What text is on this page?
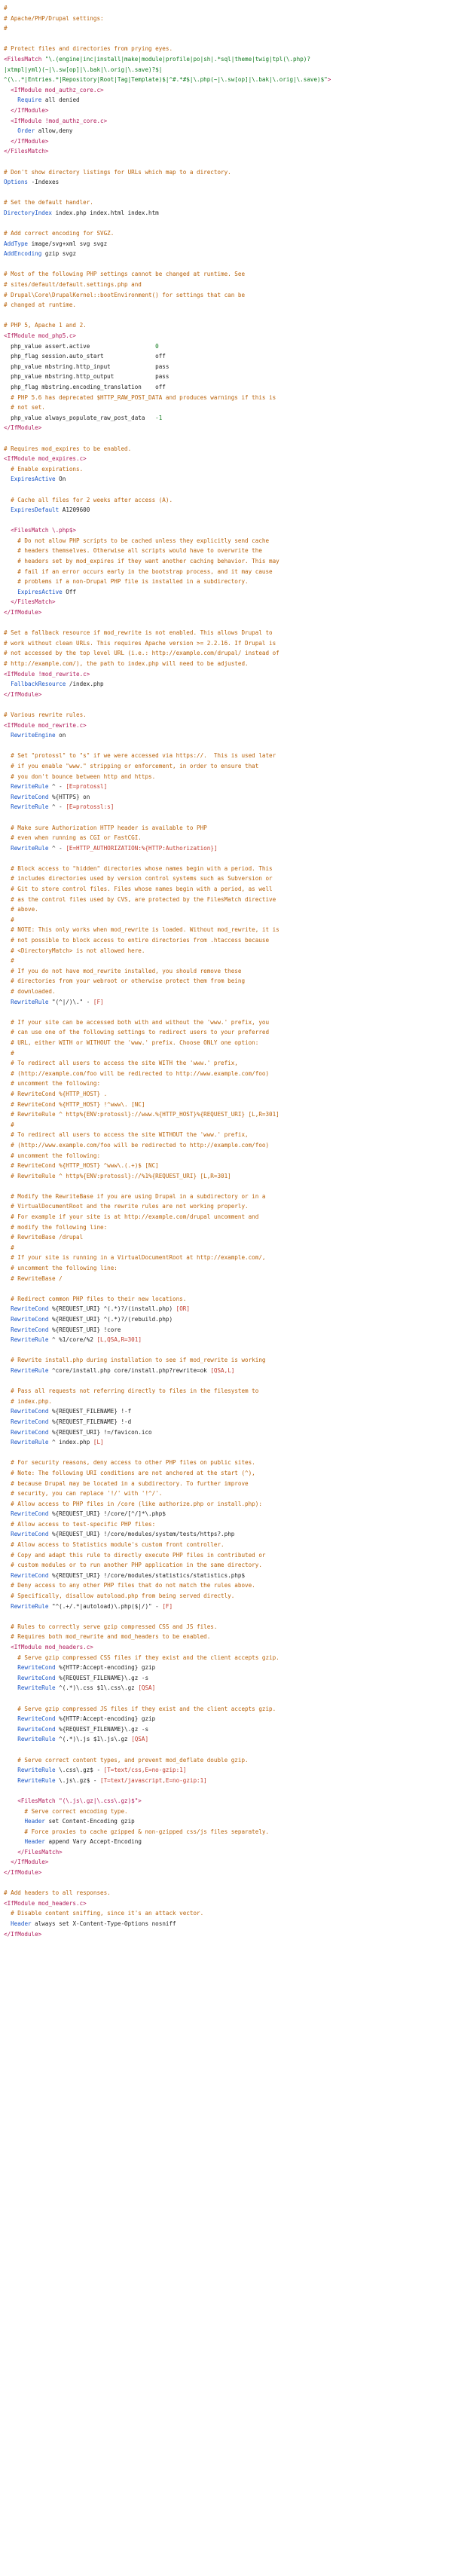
#
# Apache/PHP/Drupal settings:
#

# Protect files and directories from prying eyes.
<FilesMatch "\.(engine|inc|install|make|module|profile|po|sh|.*sql|theme|twig|tpl(\.php)?
|xtmpl|yml)(~|\.sw[op]|\.bak|\.orig|\.save)?$|
^(\..*|Entries.*|Repository|Root|Tag|Template)$|^#.*#$|\.php(~|\.sw[op]|\.bak|\.orig|\.save)$">
<IfModule mod_authz_core.c>
Require all denied
</IfModule>
<IfModule !mod_authz_core.c>
Order allow,deny
</IfModule>
</FilesMatch>

# Don't show directory listings for URLs which map to a directory.
Options -Indexes

# Set the default handler.
DirectoryIndex index.php index.html index.htm

# Add correct encoding for SVGZ.
AddType image/svg+xml svg svgz
AddEncoding gzip svgz

# Most of the following PHP settings cannot be changed at runtime. See
# sites/default/default.settings.php and
# Drupal\Core\DrupalKernel::bootEnvironment() for settings that can be
# changed at runtime.

# PHP 5, Apache 1 and 2.
<IfModule mod_php5.c>
php_value assert.active                   0
php_flag session.auto_start               off
php_value mbstring.http_input             pass
php_value mbstring.http_output            pass
php_flag mbstring.encoding_translation    off
# PHP 5.6 has deprecated $HTTP_RAW_POST_DATA and produces warnings if this is
# not set.
php_value always_populate_raw_post_data   -1
</IfModule>

# Requires mod_expires to be enabled.
<IfModule mod_expires.c>
# Enable expirations.
ExpiresActive On

# Cache all files for 2 weeks after access (A).
ExpiresDefault A1209600

<FilesMatch \.php$>
# Do not allow PHP scripts to be cached unless they explicitly send cache
# headers themselves. Otherwise all scripts would have to overwrite the
# headers set by mod_expires if they want another caching behavior. This may
# fail if an error occurs early in the bootstrap process, and it may cause
# problems if a non-Drupal PHP file is installed in a subdirectory.
ExpiresActive Off
</FilesMatch>
</IfModule>

# Set a fallback resource if mod_rewrite is not enabled. This allows Drupal to
# work without clean URLs. This requires Apache version >= 2.2.16. If Drupal is
# not accessed by the top level URL (i.e.: http://example.com/drupal/ instead of
# http://example.com/), the path to index.php will need to be adjusted.
<IfModule !mod_rewrite.c>
FallbackResource /index.php
</IfModule>

# Various rewrite rules.
<IfModule mod_rewrite.c>
RewriteEngine on

# Set "protossl" to "s" if we were accessed via https://.  This is used later
# if you enable "www." stripping or enforcement, in order to ensure that
# you don't bounce between http and https.
RewriteRule ^ - [E=protossl]
RewriteCond %{HTTPS} on
RewriteRule ^ - [E=protossl:s]

# Make sure Authorization HTTP header is available to PHP
# even when running as CGI or FastCGI.
RewriteRule ^ - [E=HTTP_AUTHORIZATION:%{HTTP:Authorization}]

# Block access to "hidden" directories whose names begin with a period. This
# includes directories used by version control systems such as Subversion or
# Git to store control files. Files whose names begin with a period, as well
# as the control files used by CVS, are protected by the FilesMatch directive
# above.
#
# NOTE: This only works when mod_rewrite is loaded. Without mod_rewrite, it is
# not possible to block access to entire directories from .htaccess because
# <DirectoryMatch> is not allowed here.
#
# If you do not have mod_rewrite installed, you should remove these
# directories from your webroot or otherwise protect them from being
# downloaded.
RewriteRule "(^|/)\." - [F]

# If your site can be accessed both with and without the 'www.' prefix, you
# can use one of the following settings to redirect users to your preferred
# URL, either WITH or WITHOUT the 'www.' prefix. Choose ONLY one option:
#
# To redirect all users to access the site WITH the 'www.' prefix,
# (http://example.com/foo will be redirected to http://www.example.com/foo)
# uncomment the following:
# RewriteCond %{HTTP_HOST} .
# RewriteCond %{HTTP_HOST} !^www\. [NC]
# RewriteRule ^ http%{ENV:protossl}://www.%{HTTP_HOST}%{REQUEST_URI} [L,R=301]
#
# To redirect all users to access the site WITHOUT the 'www.' prefix,
# (http://www.example.com/foo will be redirected to http://example.com/foo)
# uncomment the following:
# RewriteCond %{HTTP_HOST} ^www\.(.+)$ [NC]
# RewriteRule ^ http%{ENV:protossl}://%1%{REQUEST_URI} [L,R=301]

# Modify the RewriteBase if you are using Drupal in a subdirectory or in a
# VirtualDocumentRoot and the rewrite rules are not working properly.
# For example if your site is at http://example.com/drupal uncomment and
# modify the following line:
# RewriteBase /drupal
#
# If your site is running in a VirtualDocumentRoot at http://example.com/,
# uncomment the following line:
# RewriteBase /

# Redirect common PHP files to their new locations.
RewriteCond %{REQUEST_URI} ^(.*)?/(install.php) [OR]
RewriteCond %{REQUEST_URI} ^(.*)?/(rebuild.php)
RewriteCond %{REQUEST_URI} !core
RewriteRule ^ %1/core/%2 [L,QSA,R=301]

# Rewrite install.php during installation to see if mod_rewrite is working
RewriteRule ^core/install.php core/install.php?rewrite=ok [QSA,L]

# Pass all requests not referring directly to files in the filesystem to
# index.php.
RewriteCond %{REQUEST_FILENAME} !-f
RewriteCond %{REQUEST_FILENAME} !-d
RewriteCond %{REQUEST_URI} !=/favicon.ico
RewriteRule ^ index.php [L]

# For security reasons, deny access to other PHP files on public sites.
# Note: The following URI conditions are not anchored at the start (^),
# because Drupal may be located in a subdirectory. To further improve
# security, you can replace '!/' with '!^/'.
# Allow access to PHP files in /core (like authorize.php or install.php):
RewriteCond %{REQUEST_URI} !/core/[^/]*\.php$
# Allow access to test-specific PHP files:
RewriteCond %{REQUEST_URI} !/core/modules/system/tests/https?.php
# Allow access to Statistics module's custom front controller.
# Copy and adapt this rule to directly execute PHP files in contributed or
# custom modules or to run another PHP application in the same directory.
RewriteCond %{REQUEST_URI} !/core/modules/statistics/statistics.php$
# Deny access to any other PHP files that do not match the rules above.
# Specifically, disallow autoload.php from being served directly.
RewriteRule "^(.+/.*|autoload)\.php($|/)" - [F]

# Rules to correctly serve gzip compressed CSS and JS files.
# Requires both mod_rewrite and mod_headers to be enabled.
<IfModule mod_headers.c>
# Serve gzip compressed CSS files if they exist and the client accepts gzip.
RewriteCond %{HTTP:Accept-encoding} gzip
RewriteCond %{REQUEST_FILENAME}\.gz -s
RewriteRule ^(.*)\.css $1\.css\.gz [QSA]

# Serve gzip compressed JS files if they exist and the client accepts gzip.
RewriteCond %{HTTP:Accept-encoding} gzip
RewriteCond %{REQUEST_FILENAME}\.gz -s
RewriteRule ^(.*)\.js $1\.js\.gz [QSA]

# Serve correct content types, and prevent mod_deflate double gzip.
RewriteRule \.css\.gz$ - [T=text/css,E=no-gzip:1]
RewriteRule \.js\.gz$ - [T=text/javascript,E=no-gzip:1]

<FilesMatch "(\.js\.gz|\.css\.gz)$">
# Serve correct encoding type.
Header set Content-Encoding gzip
# Force proxies to cache gzipped & non-gzipped css/js files separately.
Header append Vary Accept-Encoding
</FilesMatch>
</IfModule>
</IfModule>

# Add headers to all responses.
<IfModule mod_headers.c>
# Disable content sniffing, since it's an attack vector.
Header always set X-Content-Type-Options nosniff
</IfModule>
